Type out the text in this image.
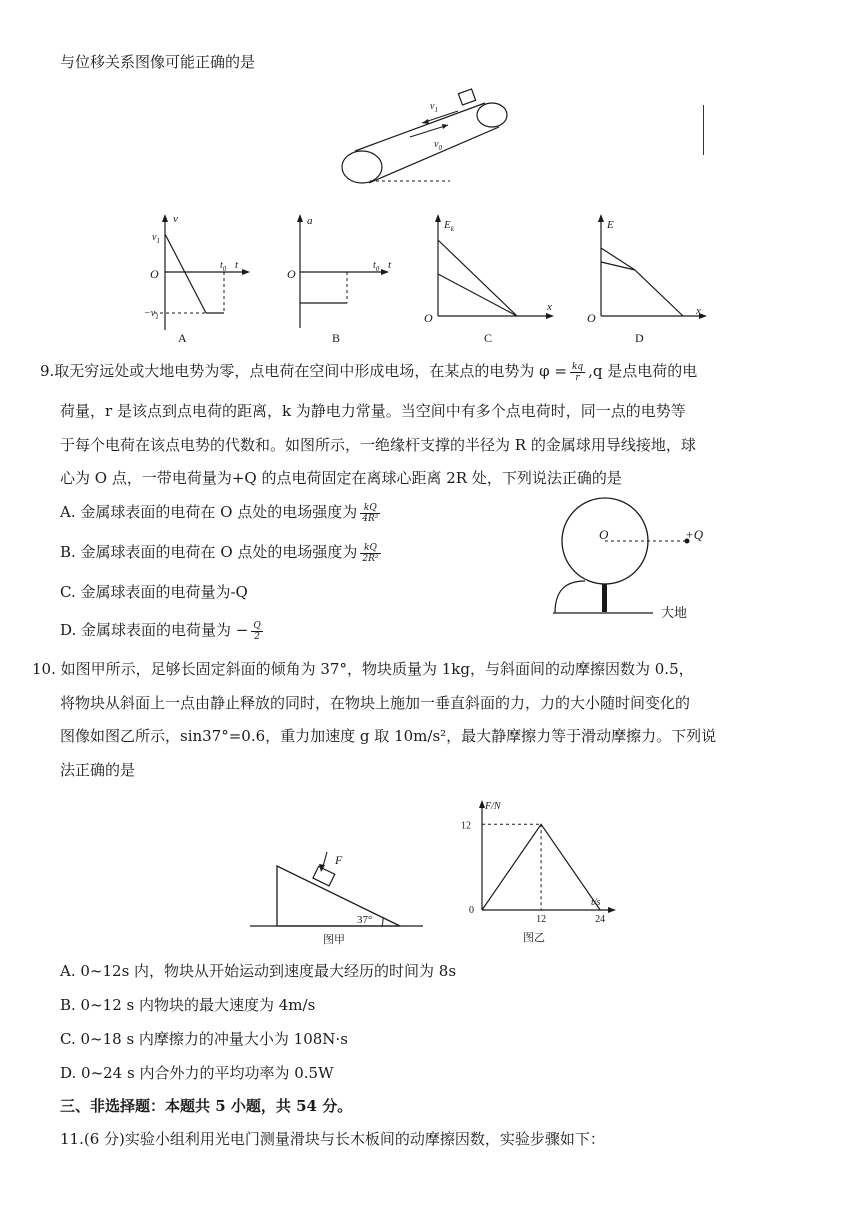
与位移关系图像可能正确的是
$v_1$
$v_0$
v
$v_1$
O
$t_0$ t
$-v_1$
A
a
O
$t_0$ t
B
$E_k$
O
x
C
E
O	x
D
9.取无穷远处或大地电势为零，点电荷在空间中形成电场，在某点的电势为 $\varphi = \frac{kq}{r} ,q$ 是点电荷的电
荷量，r 是该点到点电荷的距离，k 为静电力常量。当空间中有多个点电荷时，同一点的电势等
于每个电荷在该点电势的代数和。如图所示，一绝缘杆支撑的半径为 R 的金属球用导线接地，球
心为 O 点，一带电荷量为+Q 的点电荷固定在离球心距离 2R 处，下列说法正确的是
A. 金属球表面的电荷在 O 点处的电场强度为 $\frac{kQ}{\text{4R²}}$
B. 金属球表面的电荷在 O 点处的电场强度为 $\frac{kQ}{\text{2R²}}$
C. 金属球表面的电荷量为-Q
D. 金属球表面的电荷量为 − $\frac{Q}{2}$
O	+Q
大地
10. 如图甲所示，足够长固定斜面的倾角为 37°，物块质量为 1kg，与斜面间的动摩擦因数为 0.5，
将物块从斜面上一点由静止释放的同时，在物块上施加一垂直斜面的力，力的大小随时间变化的
图像如图乙所示，sin37°=0.6，重力加速度 g 取 10m/s²，最大静摩擦力等于滑动摩擦力。下列说
法正确的是
F
37°
图甲
F/N
t/s
0
12
12	24
图乙
A. 0~12s 内，物块从开始运动到速度最大经历的时间为 8s
B. 0~12 s 内物块的最大速度为 4m/s
C. 0~18 s 内摩擦力的冲量大小为 108N·s
D. 0~24 s 内合外力的平均功率为 0.5W
三、非选择题：本题共 5 小题，共 54 分。
11.(6 分)实验小组利用光电门测量滑块与长木板间的动摩擦因数，实验步骤如下：
